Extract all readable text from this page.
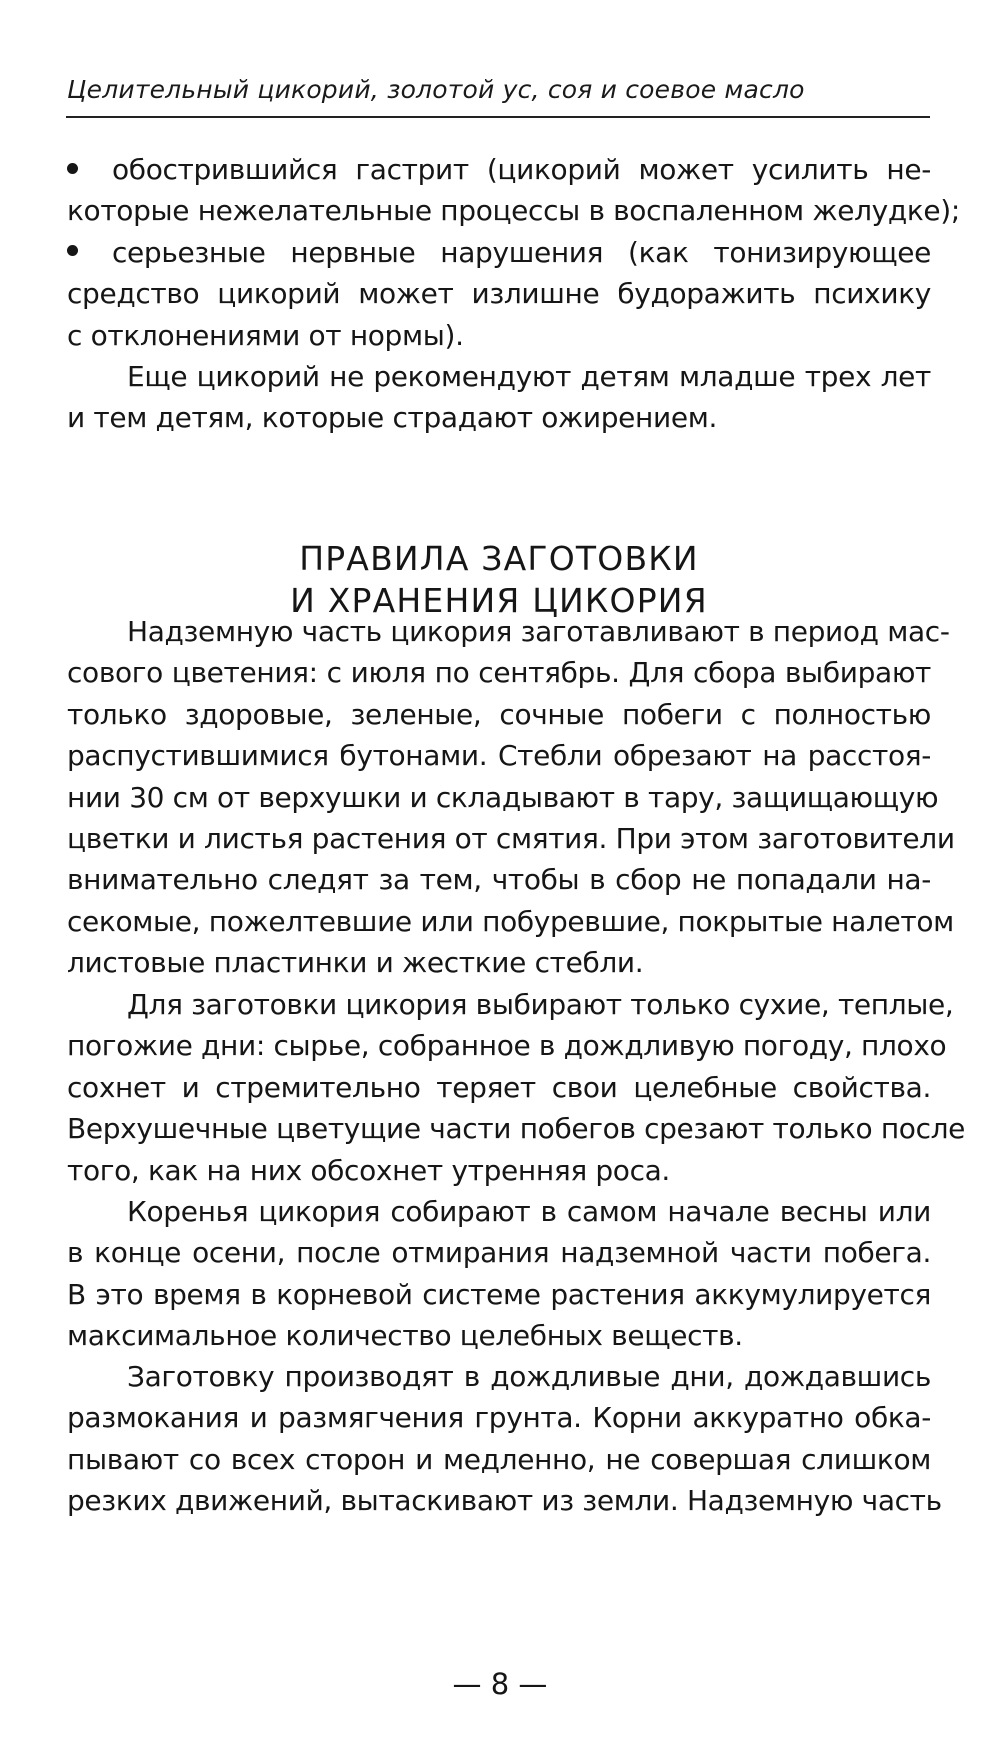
Целительный цикорий, золотой ус, соя и соевое масло
обострившийся гастрит (цикорий может усилить не-
которые нежелательные процессы в воспаленном желудке);
серьезные нервные нарушения (как тонизирующее
средство цикорий может излишне будоражить психику
с отклонениями от нормы).
Еще цикорий не рекомендуют детям младше трех лет
и тем детям, которые страдают ожирением.
ПРАВИЛА ЗАГОТОВКИ
И ХРАНЕНИЯ ЦИКОРИЯ
Надземную часть цикория заготавливают в период мас-
сового цветения: с июля по сентябрь. Для сбора выбирают
только здоровые, зеленые, сочные побеги с полностью
распустившимися бутонами. Стебли обрезают на расстоя-
нии 30 см от верхушки и складывают в тару, защищающую
цветки и листья растения от смятия. При этом заготовители
внимательно следят за тем, чтобы в сбор не попадали на-
секомые, пожелтевшие или побуревшие, покрытые налетом
листовые пластинки и жесткие стебли.
Для заготовки цикория выбирают только сухие, теплые,
погожие дни: сырье, собранное в дождливую погоду, плохо
сохнет и стремительно теряет свои целебные свойства.
Верхушечные цветущие части побегов срезают только после
того, как на них обсохнет утренняя роса.
Коренья цикория собирают в самом начале весны или
в конце осени, после отмирания надземной части побега.
В это время в корневой системе растения аккумулируется
максимальное количество целебных веществ.
Заготовку производят в дождливые дни, дождавшись
размокания и размягчения грунта. Корни аккуратно обка-
пывают со всех сторон и медленно, не совершая слишком
резких движений, вытаскивают из земли. Надземную часть
— 8 —
